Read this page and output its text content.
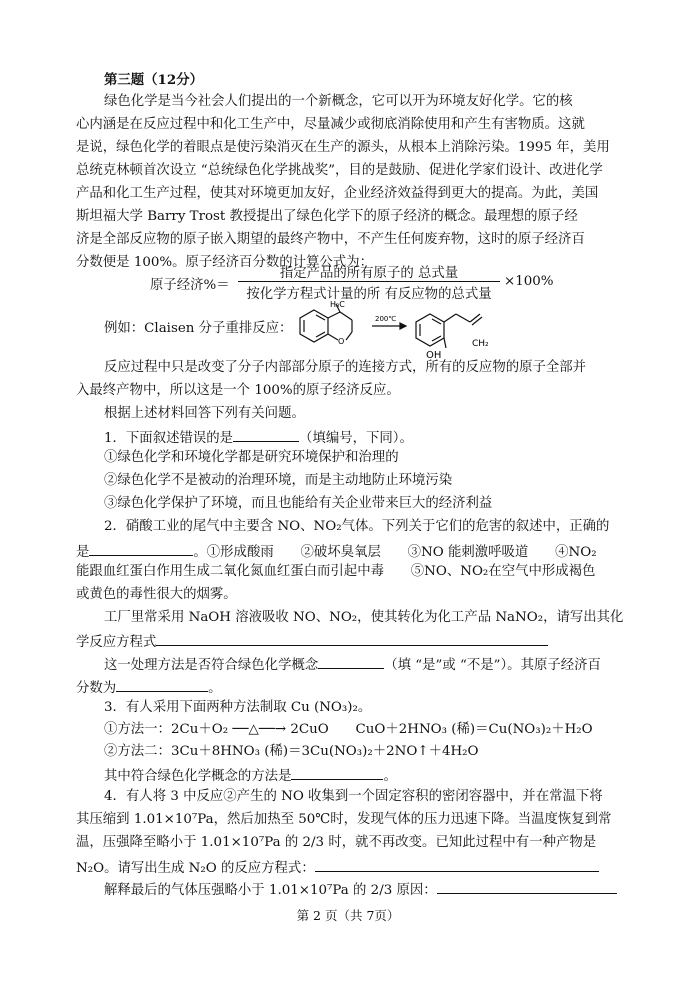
第三题（12分）
绿色化学是当今社会人们提出的一个新概念，它可以开为环境友好化学。它的核
心内涵是在反应过程中和化工生产中，尽量减少或彻底消除使用和产生有害物质。这就
是说，绿色化学的着眼点是使污染消灭在生产的源头，从根本上消除污染。1995 年，美用
总统克林顿首次设立 “总统绿色化学挑战奖”，目的是鼓励、促进化学家们设计、改进化学
产品和化工生产过程，使其对环境更加友好，企业经济效益得到更大的提高。为此，美国
斯坦福大学 Barry Trost 教授提出了绿色化学下的原子经济的概念。最理想的原子经
济是全部反应物的原子嵌入期望的最终产物中，不产生任何废弃物，这时的原子经济百
分数便是 100%。原子经济百分数的计算公式为：
原子经济%＝
指定产品的所有原子的 总式量
按化学方程式计量的所 有反应物的总式量
×100%
例如：Claisen 分子重排反应：
H₃C
O
200℃
OH
CH₂
反应过程中只是改变了分子内部部分原子的连接方式，所有的反应物的原子全部并
入最终产物中，所以这是一个 100%的原子经济反应。
根据上述材料回答下列有关问题。
1．下面叙述错误的是	（填编号，下同）。
①绿色化学和环境化学都是研究环境保护和治理的
②绿色化学不是被动的治理环境，而是主动地防止环境污染
③绿色化学保护了环境，而且也能给有关企业带来巨大的经济利益
2．硝酸工业的尾气中主要含 NO、NO₂气体。下列关于它们的危害的叙述中，正确的
是	。①形成酸雨　　②破坏臭氧层　　③NO 能刺激呼吸道　　④NO₂
能跟血红蛋白作用生成二氧化氮血红蛋白而引起中毒　　⑤NO、NO₂在空气中形成褐色
或黄色的毒性很大的烟雾。
工厂里常采用 NaOH 溶液吸收 NO、NO₂，使其转化为化工产品 NaNO₂，请写出其化
学反应方程式
这一处理方法是否符合绿色化学概念	（填 “是”或 “不是”）。其原子经济百
分数为	。
3．有人采用下面两种方法制取 Cu (NO₃)₂。
①方法一：2Cu＋O₂ ──△──→ 2CuO　　CuO＋2HNO₃ (稀)＝Cu(NO₃)₂＋H₂O
②方法二：3Cu＋8HNO₃ (稀)＝3Cu(NO₃)₂＋2NO↑＋4H₂O
其中符合绿色化学概念的方法是	。
4．有人将 3 中反应②产生的 NO 收集到一个固定容积的密闭容器中，并在常温下将
其压缩到 1.01×10⁷Pa，然后加热至 50℃时，发现气体的压力迅速下降。当温度恢复到常
温，压强降至略小于 1.01×10⁷Pa 的 2/3 时，就不再改变。已知此过程中有一种产物是
N₂O。请写出生成 N₂O 的反应方程式：
解释最后的气体压强略小于 1.01×10⁷Pa 的 2/3 原因：
第 2 页（共 7页）
